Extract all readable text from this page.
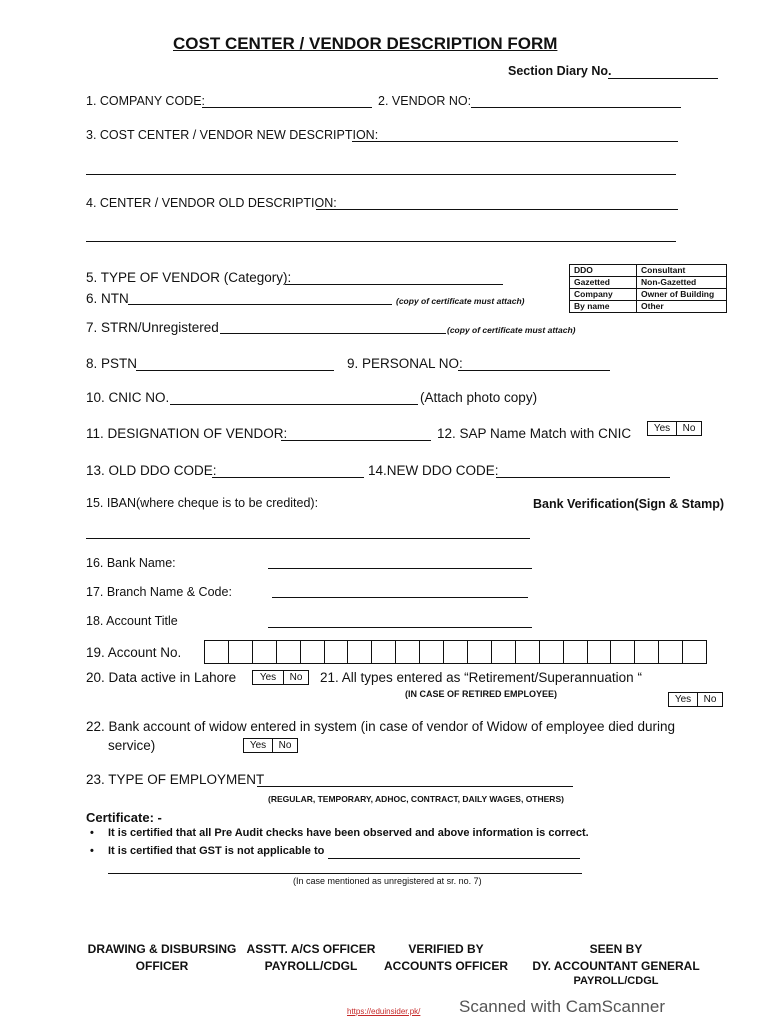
COST CENTER / VENDOR DESCRIPTION FORM
Section Diary No.
1. COMPANY CODE:	2. VENDOR NO:
3. COST CENTER / VENDOR NEW DESCRIPTION:
4. CENTER / VENDOR OLD DESCRIPTION:
5. TYPE OF VENDOR (Category):
6. NTN	(copy of certificate must attach)
7. STRN/Unregistered	(copy of certificate must attach)
DDO	Consultant
Gazetted	Non-Gazetted
Company	Owner of Building
By name	Other
8. PSTN	9. PERSONAL NO:
10. CNIC NO.	(Attach photo copy)
11. DESIGNATION OF VENDOR:	12. SAP Name Match with CNIC	Yes	No
13. OLD DDO CODE:	14.NEW DDO CODE:
15. IBAN(where cheque is to be credited):	Bank Verification(Sign & Stamp)
16. Bank Name:
17. Branch Name & Code:
18. Account Title
19. Account No.
20. Data active in Lahore	Yes	No	21. All types entered as “Retirement/Superannuation “
(IN CASE OF RETIRED EMPLOYEE)	Yes	No
22. Bank account of widow entered in system (in case of vendor of Widow of employee died during
service)	Yes	No
23. TYPE OF EMPLOYMENT
(REGULAR, TEMPORARY, ADHOC, CONTRACT, DAILY WAGES, OTHERS)
Certificate: -
• It is certified that all Pre Audit checks have been observed and above information is correct.
• It is certified that GST is not applicable to
(In case mentioned as unregistered at sr. no. 7)
DRAWING & DISBURSING
OFFICER
ASSTT. A/CS OFFICER
PAYROLL/CDGL
VERIFIED BY
ACCOUNTS OFFICER
SEEN BY
DY. ACCOUNTANT GENERAL
PAYROLL/CDGL
https://eduinsider.pk/ Scanned with CamScanner
